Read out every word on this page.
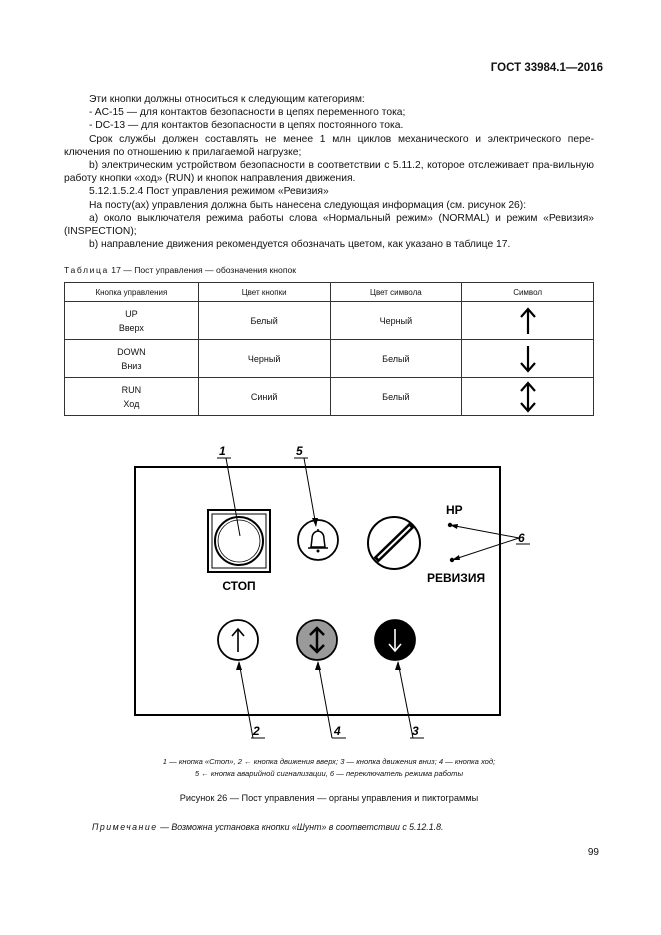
ГОСТ 33984.1—2016

Эти кнопки должны относиться к следующим категориям:

- AC-15 — для контактов безопасности в цепях переменного тока;

- DC-13 — для контактов безопасности в цепях постоянного тока.

Срок службы должен составлять не менее 1 млн циклов механического и электрического пере-ключения по отношению к прилагаемой нагрузке;

b) электрическим устройством безопасности в соответствии с 5.11.2, которое отслеживает пра-вильную работу кнопки «ход» (RUN) и кнопок направления движения.

5.12.1.5.2.4 Пост управления режимом «Ревизия»

На посту(ах) управления должна быть нанесена следующая информация (см. рисунок 26):

а) около выключателя режима работы слова «Нормальный режим» (NORMAL) и режим «Ревизия» (INSPECTION);

b) направление движения рекомендуется обозначать цветом, как указано в таблице 17.

Таблица 17 — Пост управления — обозначения кнопок
Кнопка управления	Цвет кнопки	Цвет символа	Символ

UP
Вверх	Белый	Черный	

DOWN
Вниз	Черный	Белый	

RUN
Ход	Синий	Белый	
СТОП
НР
РЕВИЗИЯ
1	5
6
2	4	3
1 — кнопка «Стоп», 2 ← кнопка движения вверх; 3 — кнопка движения вниз; 4 — кнопка ход;
5 ← кнопка аварийной сигнализации, 6 — переключатель режима работы
Рисунок 26 — Пост управления — органы управления и пиктограммы
Примечание — Возможна установка кнопки «Шунт» в соответствии с 5.12.1.8.
99
